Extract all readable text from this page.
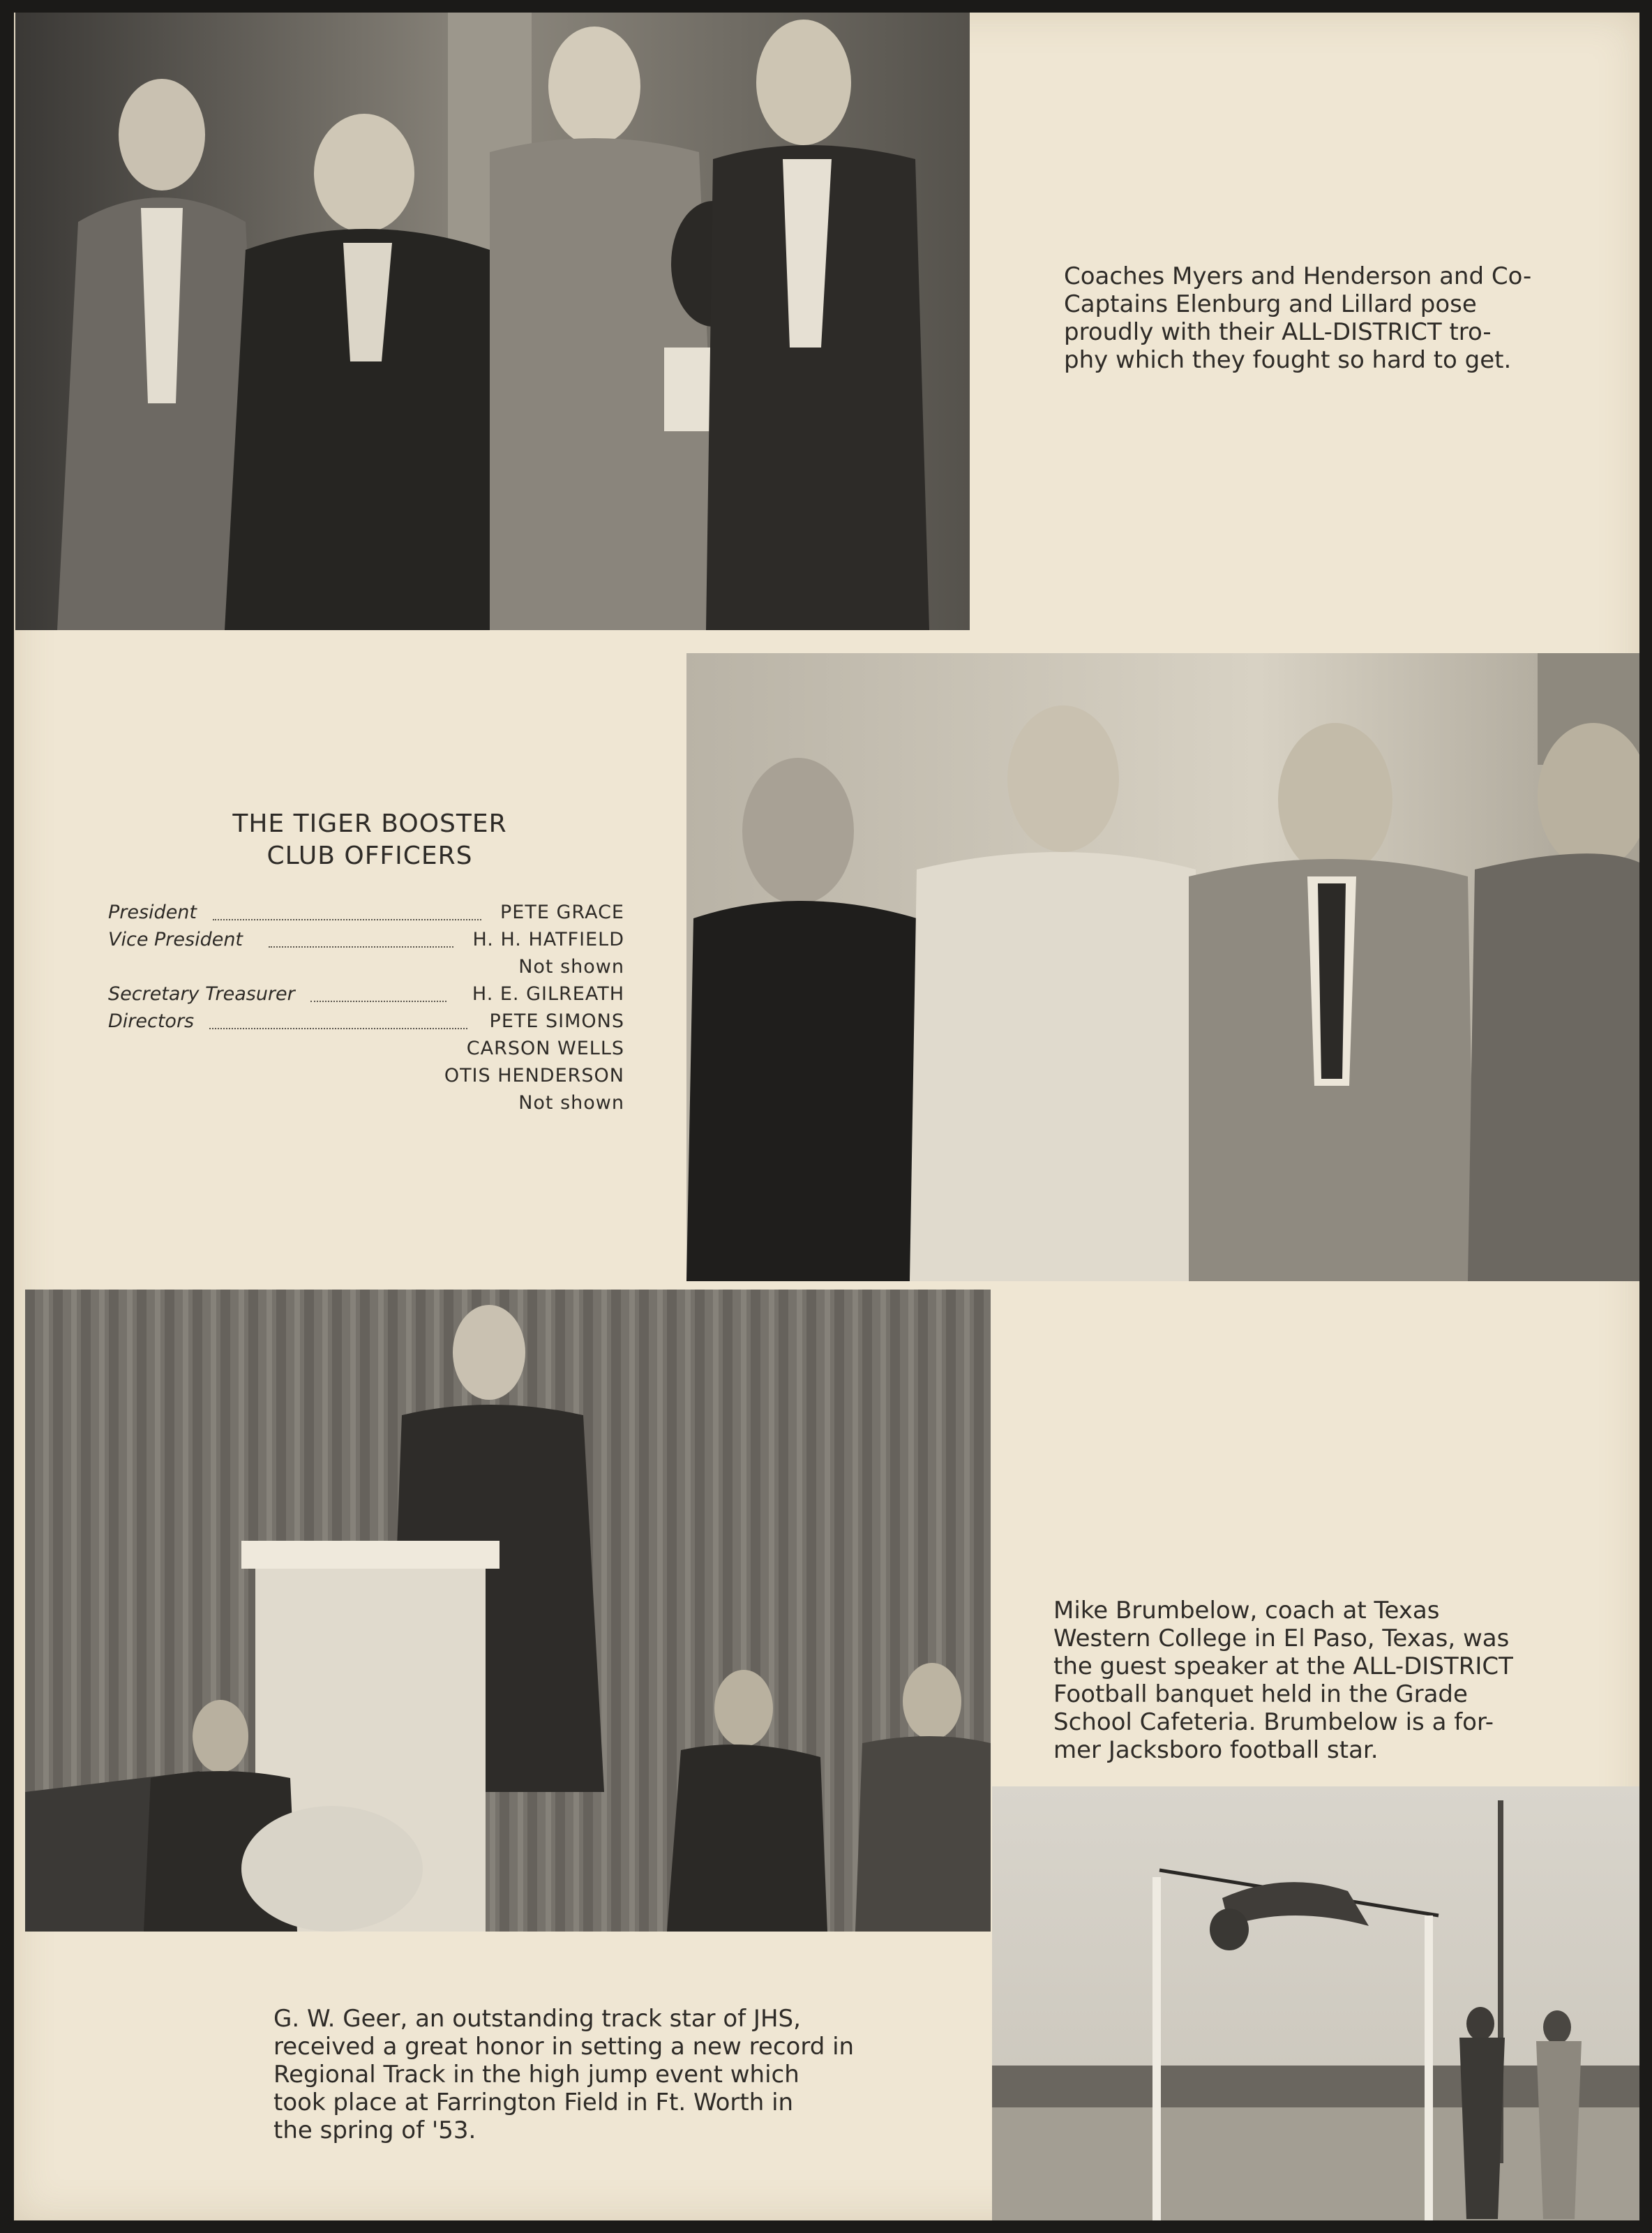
Coaches Myers and Henderson and Co-
Captains Elenburg and Lillard pose
proudly with their ALL-DISTRICT tro-
phy which they fought so hard to get.
THE TIGER BOOSTER
CLUB OFFICERS
President	PETE GRACE
Vice President	H. H. HATFIELD
Not shown
Secretary Treasurer	H. E. GILREATH
Directors	PETE SIMONS
CARSON WELLS
OTIS HENDERSON
Not shown
Mike Brumbelow, coach at Texas
Western College in El Paso, Texas, was
the guest speaker at the ALL-DISTRICT
Football banquet held in the Grade
School Cafeteria. Brumbelow is a for-
mer Jacksboro football star.
G. W. Geer, an outstanding track star of JHS,
received a great honor in setting a new record in
Regional Track in the high jump event which
took place at Farrington Field in Ft. Worth in
the spring of '53.
